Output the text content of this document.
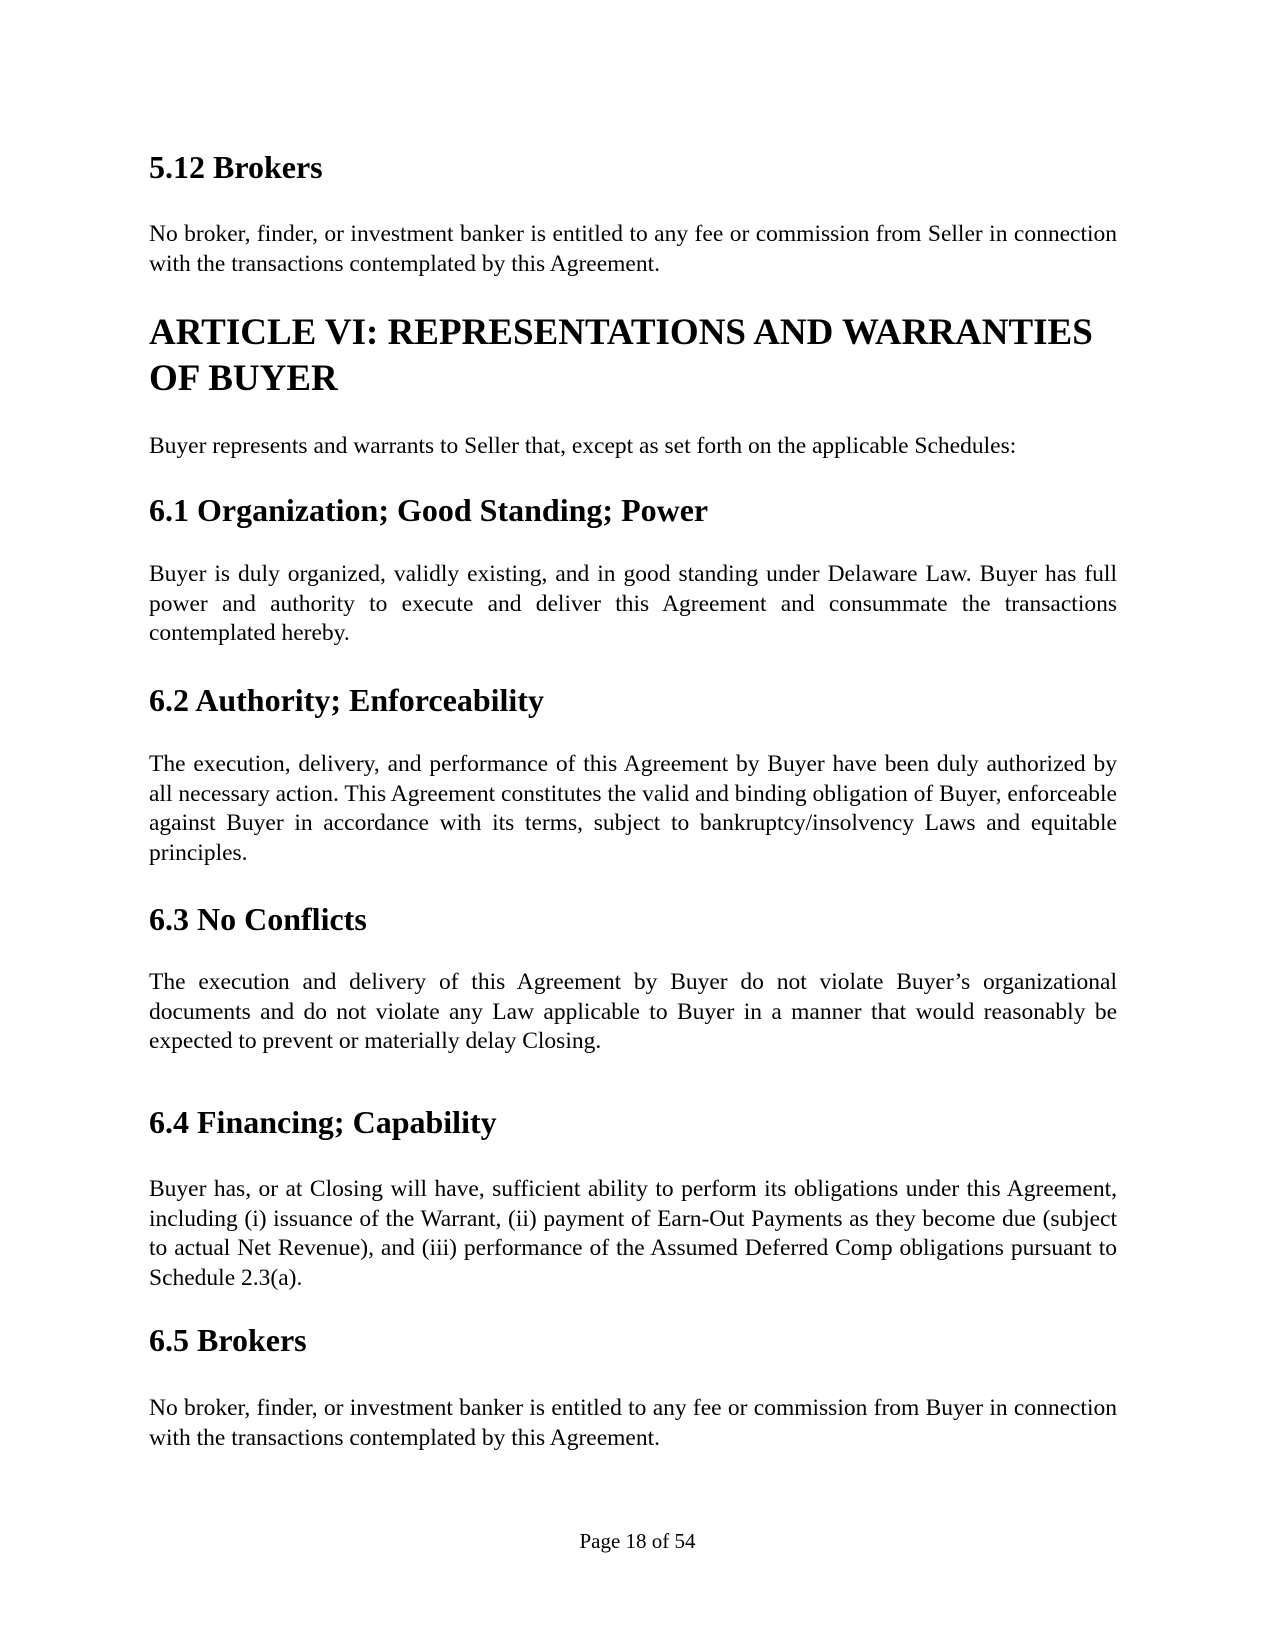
5.12 Brokers
No broker, finder, or investment banker is entitled to any fee or commission from Seller in connection with the transactions contemplated by this Agreement.
ARTICLE VI: REPRESENTATIONS AND WARRANTIES OF BUYER
Buyer represents and warrants to Seller that, except as set forth on the applicable Schedules:
6.1 Organization; Good Standing; Power
Buyer is duly organized, validly existing, and in good standing under Delaware Law. Buyer has full power and authority to execute and deliver this Agreement and consummate the transactions contemplated hereby.
6.2 Authority; Enforceability
The execution, delivery, and performance of this Agreement by Buyer have been duly authorized by all necessary action. This Agreement constitutes the valid and binding obligation of Buyer, enforceable against Buyer in accordance with its terms, subject to bankruptcy/insolvency Laws and equitable principles.
6.3 No Conflicts
The execution and delivery of this Agreement by Buyer do not violate Buyer’s organizational documents and do not violate any Law applicable to Buyer in a manner that would reasonably be expected to prevent or materially delay Closing.
6.4 Financing; Capability
Buyer has, or at Closing will have, sufficient ability to perform its obligations under this Agreement, including (i) issuance of the Warrant, (ii) payment of Earn-Out Payments as they become due (subject to actual Net Revenue), and (iii) performance of the Assumed Deferred Comp obligations pursuant to Schedule 2.3(a).
6.5 Brokers
No broker, finder, or investment banker is entitled to any fee or commission from Buyer in connection with the transactions contemplated by this Agreement.
Page 18 of 54
